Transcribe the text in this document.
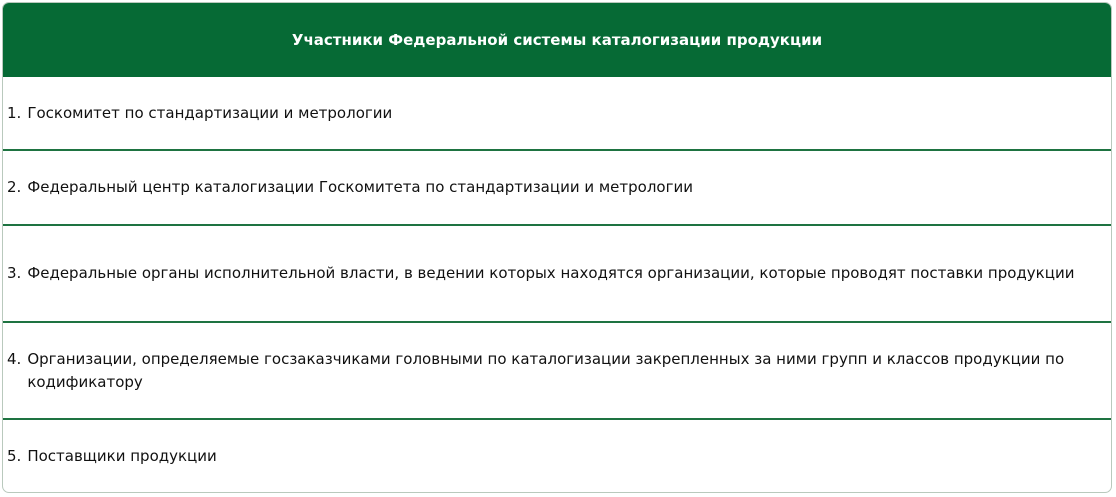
Участники Федеральной системы каталогизации продукции
1. Госкомитет по стандартизации и метрологии
2. Федеральный центр каталогизации Госкомитета по стандартизации и метрологии
3. Федеральные органы исполнительной власти, в ведении которых находятся организации, которые проводят поставки продукции
4. Организации, определяемые госзаказчиками головными по каталогизации закрепленных за ними групп и классов продукции по кодификатору
5. Поставщики продукции
